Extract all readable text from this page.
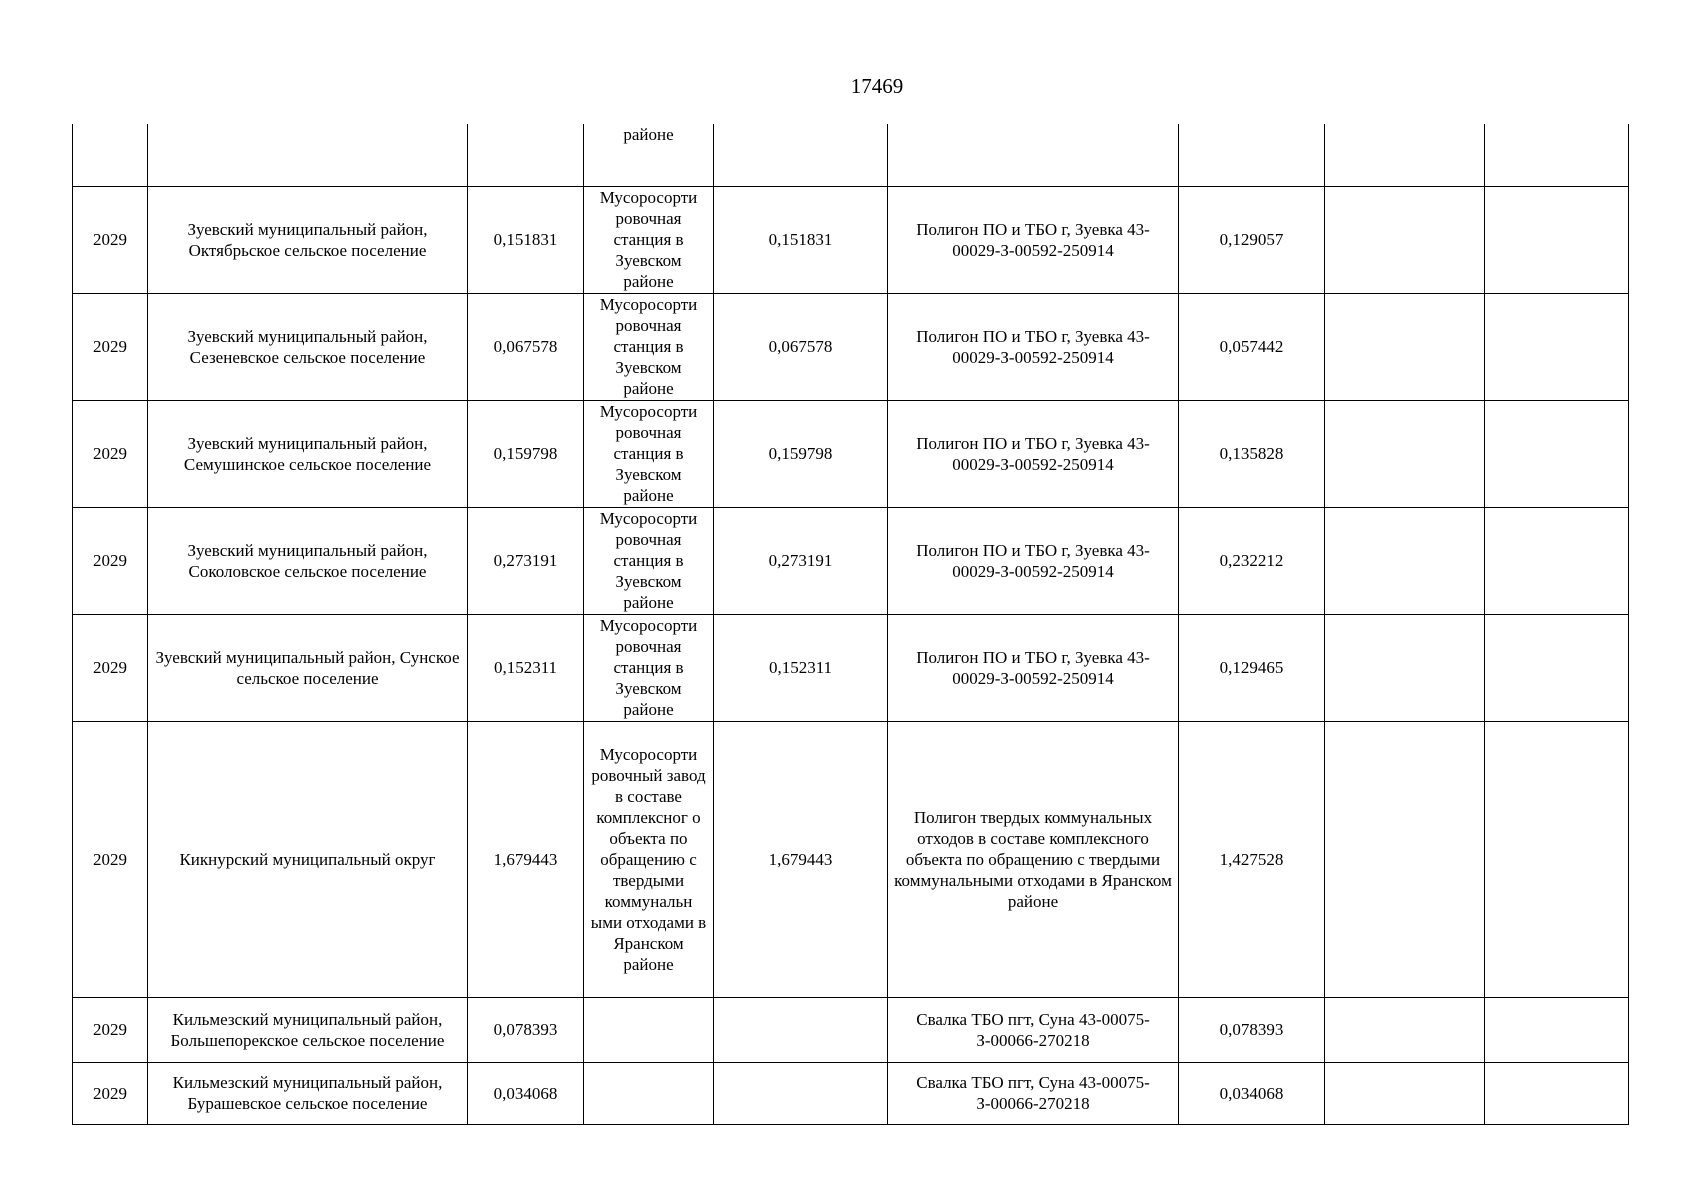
17469
			районе					
2029	Зуевский муниципальный район, Октябрьское сельское поселение	0,151831	Мусоросорти ровочная станция в Зуевском районе	0,151831	Полигон ПО и ТБО г, Зуевка 43-00029-З-00592-250914	0,129057		
2029	Зуевский муниципальный район, Сезеневское сельское поселение	0,067578	Мусоросорти ровочная станция в Зуевском районе	0,067578	Полигон ПО и ТБО г, Зуевка 43-00029-З-00592-250914	0,057442		
2029	Зуевский муниципальный район, Семушинское сельское поселение	0,159798	Мусоросорти ровочная станция в Зуевском районе	0,159798	Полигон ПО и ТБО г, Зуевка 43-00029-З-00592-250914	0,135828		
2029	Зуевский муниципальный район, Соколовское сельское поселение	0,273191	Мусоросорти ровочная станция в Зуевском районе	0,273191	Полигон ПО и ТБО г, Зуевка 43-00029-З-00592-250914	0,232212		
2029	Зуевский муниципальный район, Сунское сельское поселение	0,152311	Мусоросорти ровочная станция в Зуевском районе	0,152311	Полигон ПО и ТБО г, Зуевка 43-00029-З-00592-250914	0,129465		
2029	Кикнурский муниципальный округ	1,679443	Мусоросорти ровочный завод в составе комплексног о объекта по обращению с твердыми коммунальн ыми отходами в Яранском районе	1,679443	Полигон твердых коммунальных отходов в составе комплексного объекта по обращению с твердыми коммунальными отходами в Яранском районе	1,427528		
2029	Кильмезский муниципальный район, Большепорекское сельское поселение	0,078393			Свалка ТБО пгт, Суна 43-00075-З-00066-270218	0,078393		
2029	Кильмезский муниципальный район, Бурашевское сельское поселение	0,034068			Свалка ТБО пгт, Суна 43-00075-З-00066-270218	0,034068		
